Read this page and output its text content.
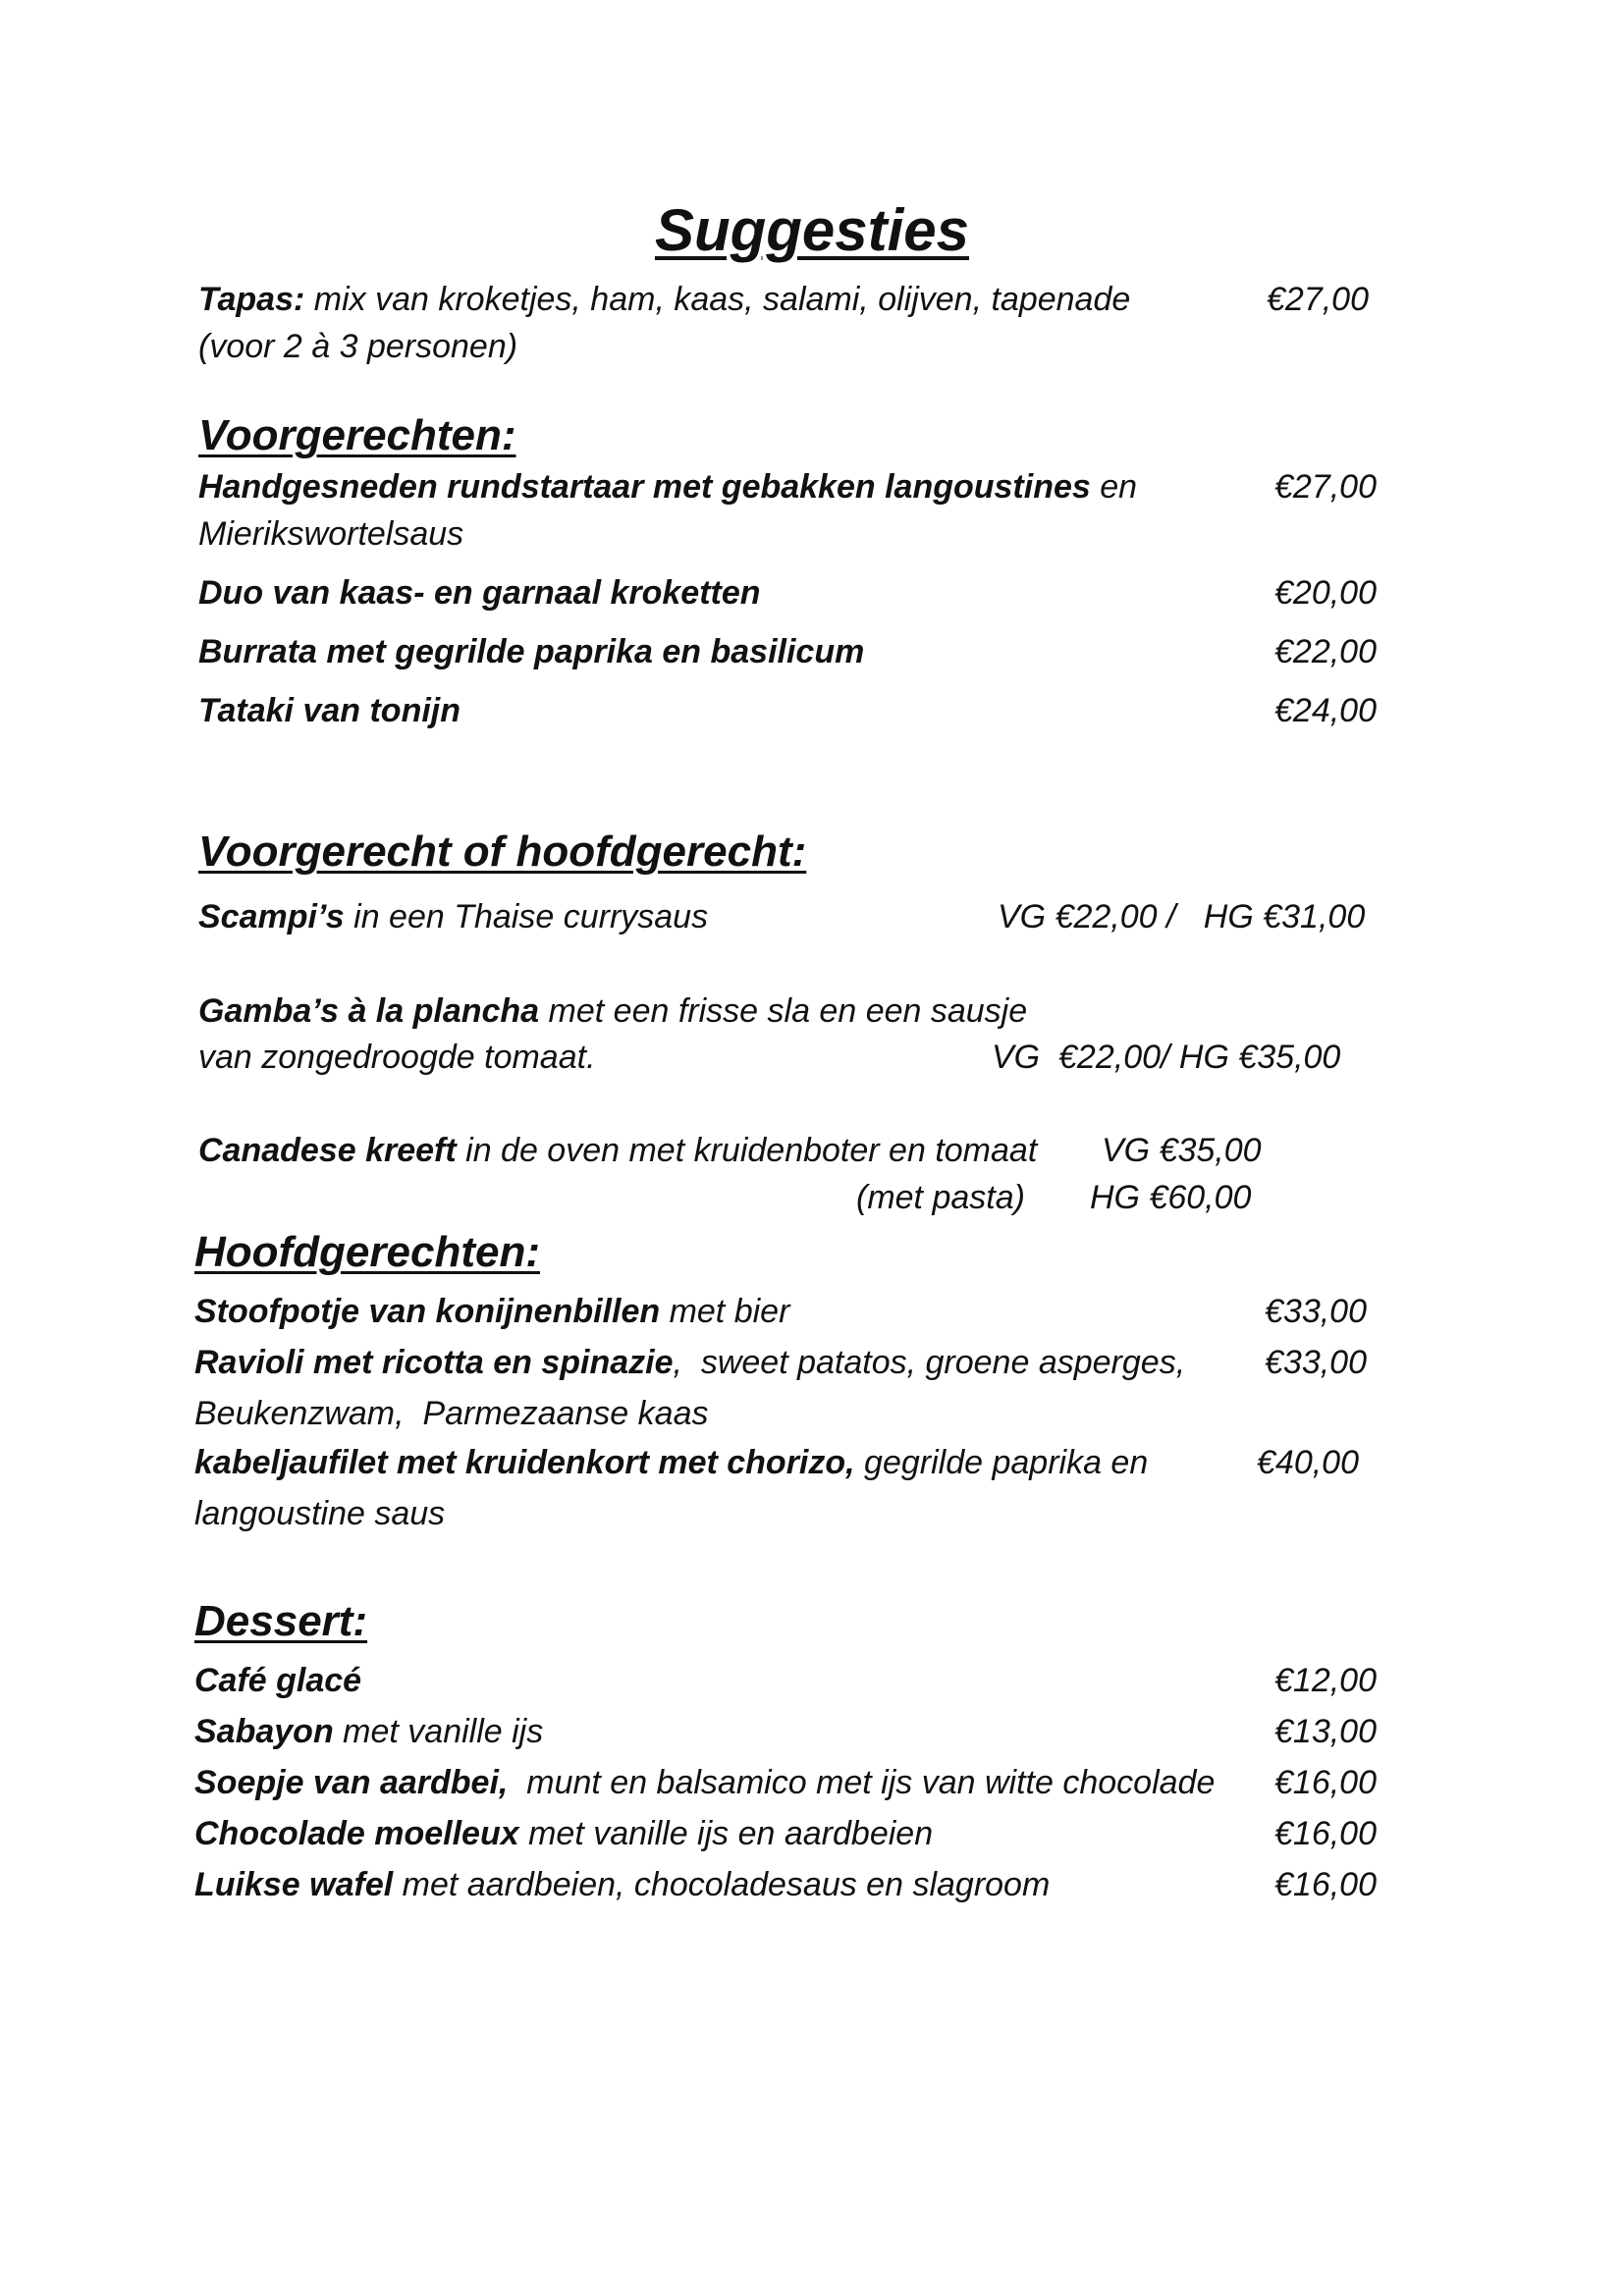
Suggesties
Tapas: mix van kroketjes, ham, kaas, salami, olijven, tapenade	€27,00
(voor 2 à 3 personen)
Voorgerechten:
Handgesneden rundstartaar met gebakken langoustines en	€27,00
Mierikswortelsaus
Duo van kaas- en garnaal kroketten	€20,00
Burrata met gegrilde paprika en basilicum	€22,00
Tataki van tonijn	€24,00
Voorgerecht of hoofdgerecht:
Scampi’s in een Thaise currysaus	VG €22,00 /   HG €31,00
Gamba’s à la plancha met een frisse sla en een sausje
van zongedroogde tomaat.	VG  €22,00/ HG €35,00
Canadese kreeft in de oven met kruidenboter en tomaat VG €35,00
(met pasta) HG €60,00
Hoofdgerechten:
Stoofpotje van konijnenbillen met bier	€33,00
Ravioli met ricotta en spinazie,  sweet patatos, groene asperges, €33,00
Beukenzwam,  Parmezaanse kaas
kabeljaufilet met kruidenkort met chorizo, gegrilde paprika en	€40,00
langoustine saus
Dessert:
Café glacé	€12,00
Sabayon met vanille ijs	€13,00
Soepje van aardbei,  munt en balsamico met ijs van witte chocolade €16,00
Chocolade moelleux met vanille ijs en aardbeien	€16,00
Luikse wafel met aardbeien, chocoladesaus en slagroom	€16,00
